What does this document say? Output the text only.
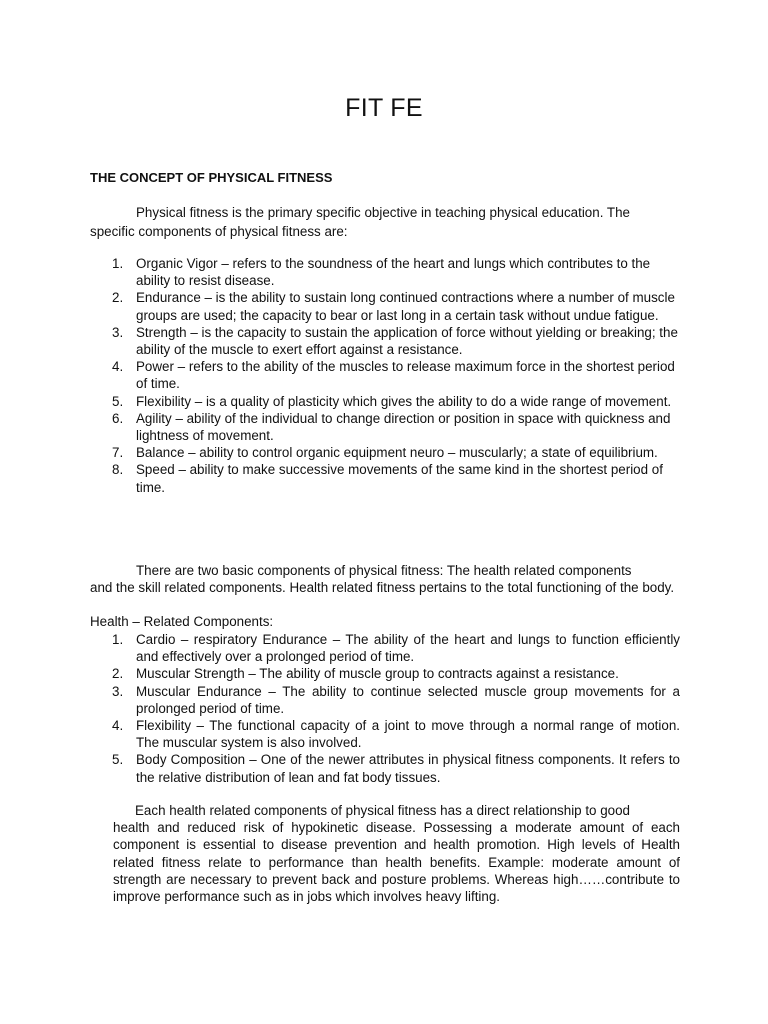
FIT FE
THE CONCEPT OF PHYSICAL FITNESS
Physical fitness is the primary specific objective in teaching physical education. The
specific components of physical fitness are:
1. Organic Vigor – refers to the soundness of the heart and lungs which contributes to the ability to resist disease.
2. Endurance – is the ability to sustain long continued contractions where a number of muscle groups are used; the capacity to bear or last long in a certain task without undue fatigue.
3. Strength – is the capacity to sustain the application of force without yielding or breaking; the ability of the muscle to exert effort against a resistance.
4. Power – refers to the ability of the muscles to release maximum force in the shortest period of time.
5. Flexibility – is a quality of plasticity which gives the ability to do a wide range of movement.
6. Agility – ability of the individual to change direction or position in space with quickness and lightness of movement.
7. Balance – ability to control organic equipment neuro – muscularly; a state of equilibrium.
8. Speed – ability to make successive movements of the same kind in the shortest period of time.
There are two basic components of physical fitness: The health related components
and the skill related components. Health related fitness pertains to the total functioning of the body.
Health – Related Components:
1. Cardio – respiratory Endurance – The ability of the heart and lungs to function efficiently and effectively over a prolonged period of time.
2. Muscular Strength – The ability of muscle group to contracts against a resistance.
3. Muscular Endurance – The ability to continue selected muscle group movements for a prolonged period of time.
4. Flexibility – The functional capacity of a joint to move through a normal range of motion. The muscular system is also involved.
5. Body Composition – One of the newer attributes in physical fitness components. It refers to the relative distribution of lean and fat body tissues.
Each health related components of physical fitness has a direct relationship to good
health and reduced risk of hypokinetic disease. Possessing a moderate amount of each component is essential to disease prevention and health promotion. High levels of Health related fitness relate to performance than health benefits. Example: moderate amount of strength are necessary to prevent back and posture problems. Whereas high……contribute to improve performance such as in jobs which involves heavy lifting.
